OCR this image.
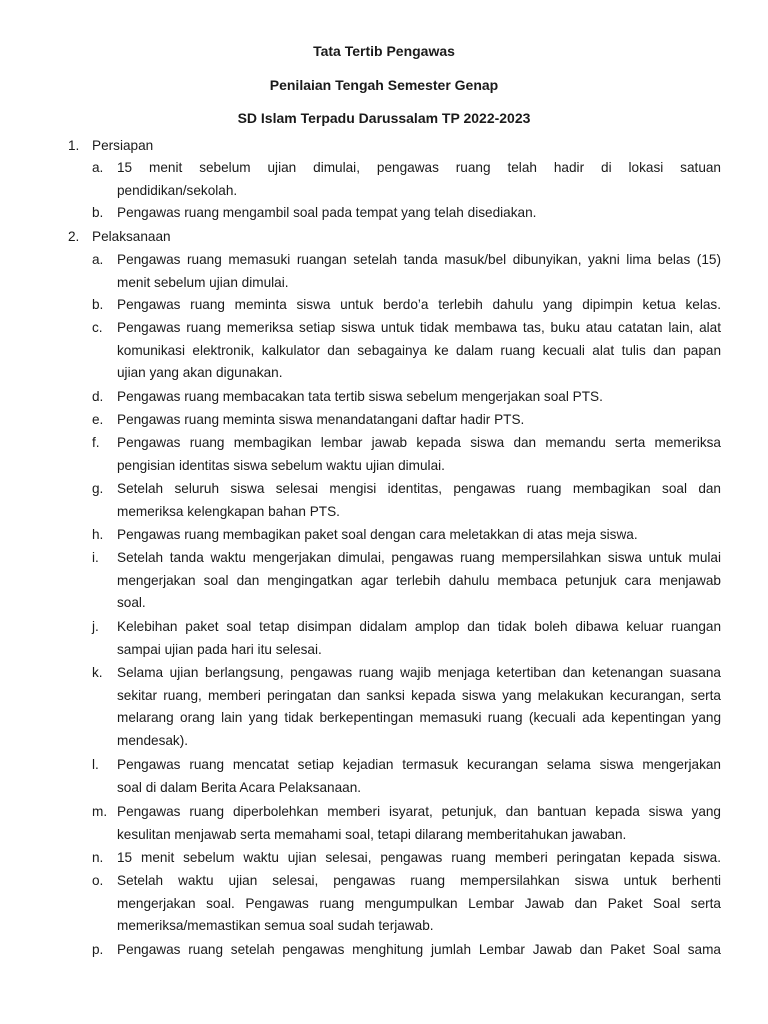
Tata Tertib Pengawas
Penilaian Tengah Semester Genap
SD Islam Terpadu Darussalam TP 2022-2023
1. Persiapan
a. 15 menit sebelum ujian dimulai, pengawas ruang telah hadir di lokasi satuan
pendidikan/sekolah.
b. Pengawas ruang mengambil soal pada tempat yang telah disediakan.
2. Pelaksanaan
a. Pengawas ruang memasuki ruangan setelah tanda masuk/bel dibunyikan, yakni lima belas (15)
menit sebelum ujian dimulai.
b. Pengawas ruang meminta siswa untuk berdo’a terlebih dahulu yang dipimpin ketua kelas.
c. Pengawas ruang memeriksa setiap siswa untuk tidak membawa tas, buku atau catatan lain, alat
komunikasi elektronik, kalkulator dan sebagainya ke dalam ruang kecuali alat tulis dan papan
ujian yang akan digunakan.
d. Pengawas ruang membacakan tata tertib siswa sebelum mengerjakan soal PTS.
e. Pengawas ruang meminta siswa menandatangani daftar hadir PTS.
f. Pengawas ruang membagikan lembar jawab kepada siswa dan memandu serta memeriksa
pengisian identitas siswa sebelum waktu ujian dimulai.
g. Setelah seluruh siswa selesai mengisi identitas, pengawas ruang membagikan soal dan
memeriksa kelengkapan bahan PTS.
h. Pengawas ruang membagikan paket soal dengan cara meletakkan di atas meja siswa.
i. Setelah tanda waktu mengerjakan dimulai, pengawas ruang mempersilahkan siswa untuk mulai
mengerjakan soal dan mengingatkan agar terlebih dahulu membaca petunjuk cara menjawab
soal.
j. Kelebihan paket soal tetap disimpan didalam amplop dan tidak boleh dibawa keluar ruangan
sampai ujian pada hari itu selesai.
k. Selama ujian berlangsung, pengawas ruang wajib menjaga ketertiban dan ketenangan suasana
sekitar ruang, memberi peringatan dan sanksi kepada siswa yang melakukan kecurangan, serta
melarang orang lain yang tidak berkepentingan memasuki ruang (kecuali ada kepentingan yang
mendesak).
l. Pengawas ruang mencatat setiap kejadian termasuk kecurangan selama siswa mengerjakan
soal di dalam Berita Acara Pelaksanaan.
m. Pengawas ruang diperbolehkan memberi isyarat, petunjuk, dan bantuan kepada siswa yang
kesulitan menjawab serta memahami soal, tetapi dilarang memberitahukan jawaban.
n. 15 menit sebelum waktu ujian selesai, pengawas ruang memberi peringatan kepada siswa.
o. Setelah waktu ujian selesai, pengawas ruang mempersilahkan siswa untuk berhenti
mengerjakan soal. Pengawas ruang mengumpulkan Lembar Jawab dan Paket Soal serta
memeriksa/memastikan semua soal sudah terjawab.
p. Pengawas ruang setelah pengawas menghitung jumlah Lembar Jawab dan Paket Soal sama
